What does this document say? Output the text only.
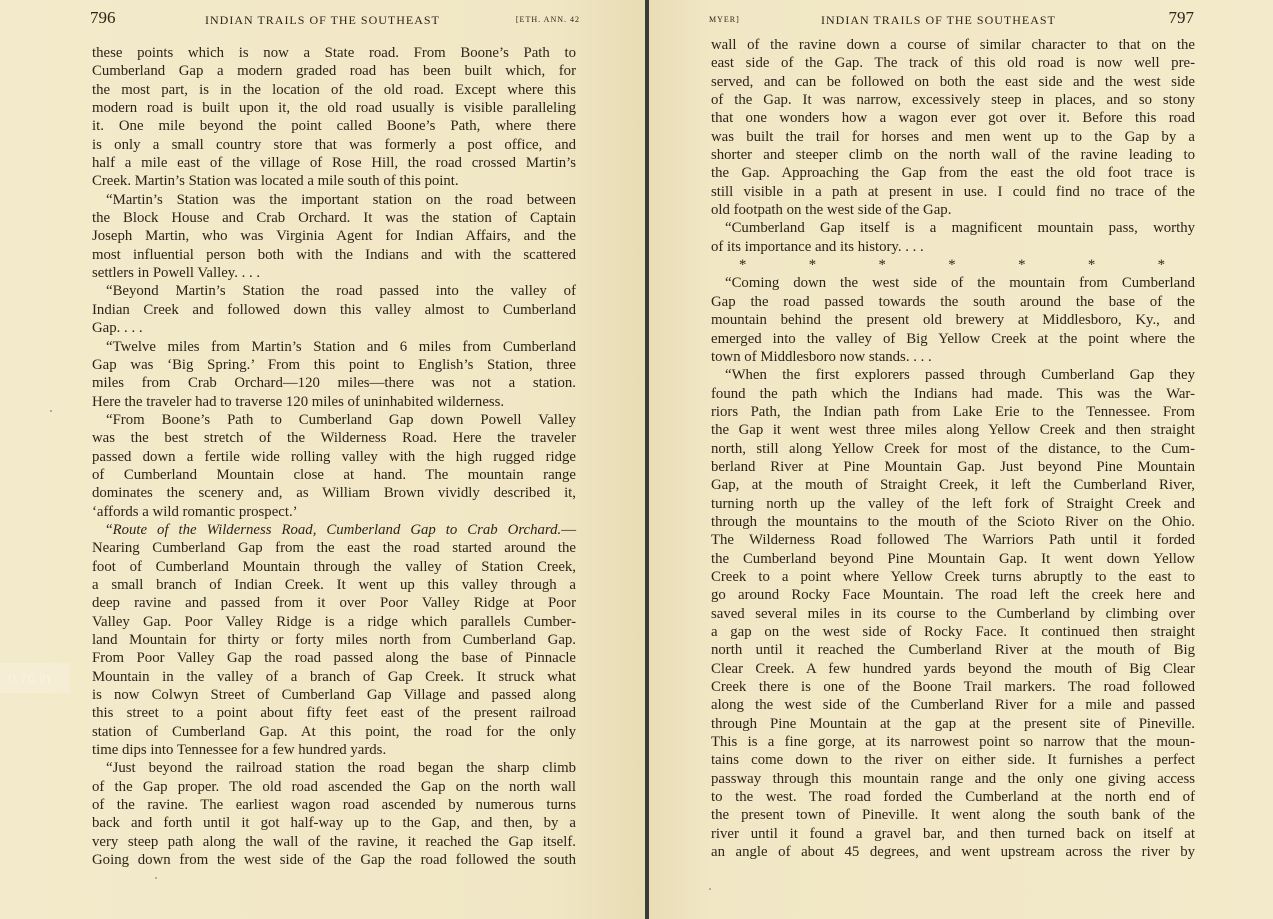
796	INDIAN TRAILS OF THE SOUTHEAST	[ETH. ANN. 42
these points which is now a State road. From Boone’s Path to
Cumberland Gap a modern graded road has been built which, for
the most part, is in the location of the old road. Except where this
modern road is built upon it, the old road usually is visible paralleling
it. One mile beyond the point called Boone’s Path, where there
is only a small country store that was formerly a post office, and
half a mile east of the village of Rose Hill, the road crossed Martin’s
Creek. Martin’s Station was located a mile south of this point.
“Martin’s Station was the important station on the road between
the Block House and Crab Orchard. It was the station of Captain
Joseph Martin, who was Virginia Agent for Indian Affairs, and the
most influential person both with the Indians and with the scattered
settlers in Powell Valley. . . .
“Beyond Martin’s Station the road passed into the valley of
Indian Creek and followed down this valley almost to Cumberland
Gap. . . .
“Twelve miles from Martin’s Station and 6 miles from Cumberland
Gap was ‘Big Spring.’ From this point to English’s Station, three
miles from Crab Orchard—120 miles—there was not a station.
Here the traveler had to traverse 120 miles of uninhabited wilderness.
“From Boone’s Path to Cumberland Gap down Powell Valley
was the best stretch of the Wilderness Road. Here the traveler
passed down a fertile wide rolling valley with the high rugged ridge
of Cumberland Mountain close at hand. The mountain range
dominates the scenery and, as William Brown vividly described it,
‘affords a wild romantic prospect.’
“Route of the Wilderness Road, Cumberland Gap to Crab Orchard.—
Nearing Cumberland Gap from the east the road started around the
foot of Cumberland Mountain through the valley of Station Creek,
a small branch of Indian Creek. It went up this valley through a
deep ravine and passed from it over Poor Valley Ridge at Poor
Valley Gap. Poor Valley Ridge is a ridge which parallels Cumber-
land Mountain for thirty or forty miles north from Cumberland Gap.
From Poor Valley Gap the road passed along the base of Pinnacle
Mountain in the valley of a branch of Gap Creek. It struck what
is now Colwyn Street of Cumberland Gap Village and passed along
this street to a point about fifty feet east of the present railroad
station of Cumberland Gap. At this point, the road for the only
time dips into Tennessee for a few hundred yards.
“Just beyond the railroad station the road began the sharp climb
of the Gap proper. The old road ascended the Gap on the north wall
of the ravine. The earliest wagon road ascended by numerous turns
back and forth until it got half-way up to the Gap, and then, by a
very steep path along the wall of the ravine, it reached the Gap itself.
Going down from the west side of the Gap the road followed the south
0.76 in
MYER]	INDIAN TRAILS OF THE SOUTHEAST	797
wall of the ravine down a course of similar character to that on the
east side of the Gap. The track of this old road is now well pre-
served, and can be followed on both the east side and the west side
of the Gap. It was narrow, excessively steep in places, and so stony
that one wonders how a wagon ever got over it. Before this road
was built the trail for horses and men went up to the Gap by a
shorter and steeper climb on the north wall of the ravine leading to
the Gap. Approaching the Gap from the east the old foot trace is
still visible in a path at present in use. I could find no trace of the
old footpath on the west side of the Gap.
“Cumberland Gap itself is a magnificent mountain pass, worthy
of its importance and its history. . . .
*	*	*	*	*	*	*
“Coming down the west side of the mountain from Cumberland
Gap the road passed towards the south around the base of the
mountain behind the present old brewery at Middlesboro, Ky., and
emerged into the valley of Big Yellow Creek at the point where the
town of Middlesboro now stands. . . .
“When the first explorers passed through Cumberland Gap they
found the path which the Indians had made. This was the War-
riors Path, the Indian path from Lake Erie to the Tennessee. From
the Gap it went west three miles along Yellow Creek and then straight
north, still along Yellow Creek for most of the distance, to the Cum-
berland River at Pine Mountain Gap. Just beyond Pine Mountain
Gap, at the mouth of Straight Creek, it left the Cumberland River,
turning north up the valley of the left fork of Straight Creek and
through the mountains to the mouth of the Scioto River on the Ohio.
The Wilderness Road followed The Warriors Path until it forded
the Cumberland beyond Pine Mountain Gap. It went down Yellow
Creek to a point where Yellow Creek turns abruptly to the east to
go around Rocky Face Mountain. The road left the creek here and
saved several miles in its course to the Cumberland by climbing over
a gap on the west side of Rocky Face. It continued then straight
north until it reached the Cumberland River at the mouth of Big
Clear Creek. A few hundred yards beyond the mouth of Big Clear
Creek there is one of the Boone Trail markers. The road followed
along the west side of the Cumberland River for a mile and passed
through Pine Mountain at the gap at the present site of Pineville.
This is a fine gorge, at its narrowest point so narrow that the moun-
tains come down to the river on either side. It furnishes a perfect
passway through this mountain range and the only one giving access
to the west. The road forded the Cumberland at the north end of
the present town of Pineville. It went along the south bank of the
river until it found a gravel bar, and then turned back on itself at
an angle of about 45 degrees, and went upstream across the river by
